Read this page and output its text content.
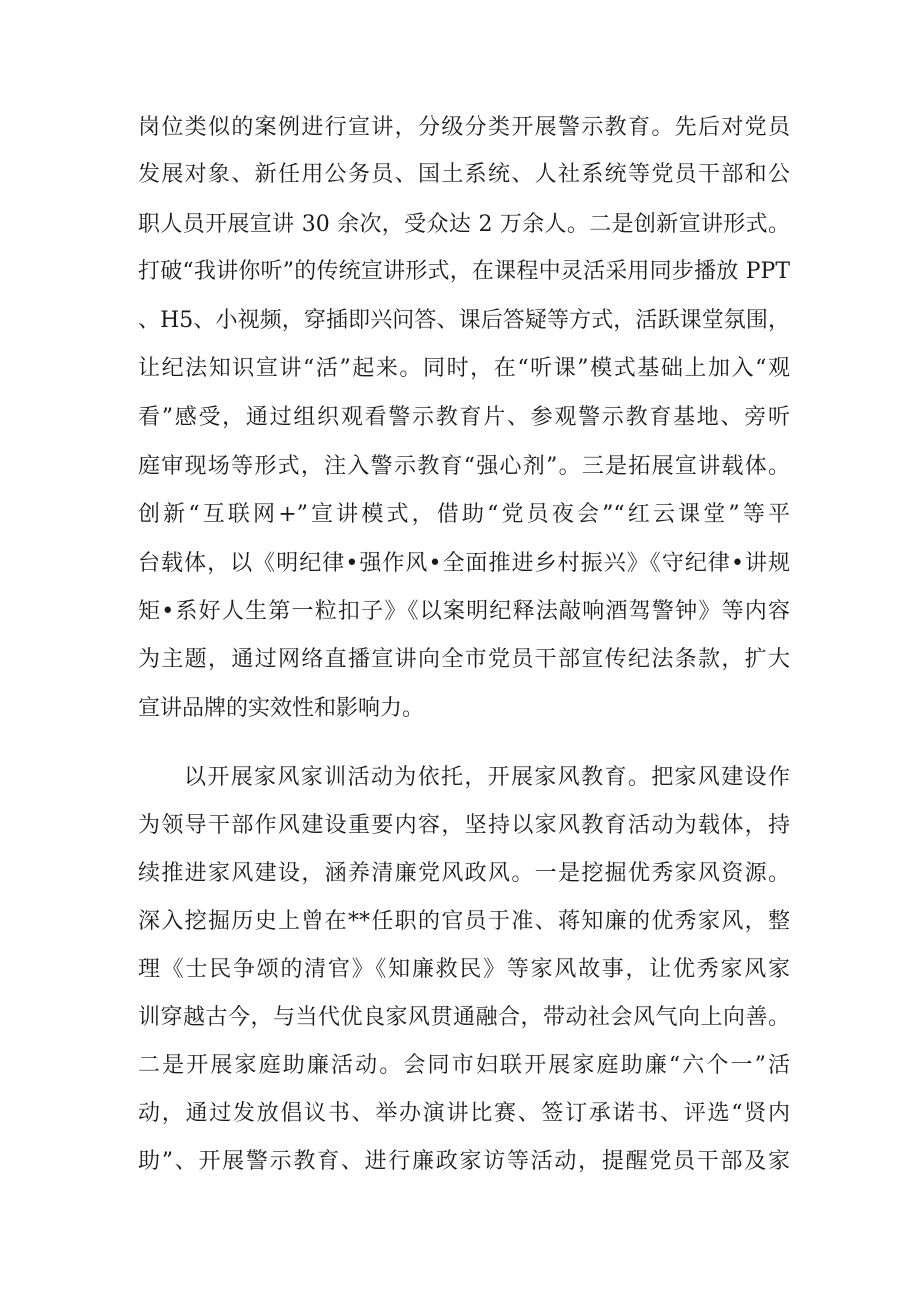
岗位类似的案例进行宣讲，分级分类开展警示教育。先后对党员
发展对象、新任用公务员、国土系统、人社系统等党员干部和公
职人员开展宣讲 30 余次，受众达 2 万余人。二是创新宣讲形式。
打破“我讲你听”的传统宣讲形式，在课程中灵活采用同步播放 PPT
、H5、小视频，穿插即兴问答、课后答疑等方式，活跃课堂氛围，
让纪法知识宣讲“活”起来。同时，在“听课”模式基础上加入“观
看”感受，通过组织观看警示教育片、参观警示教育基地、旁听
庭审现场等形式，注入警示教育“强心剂”。三是拓展宣讲载体。
创新“互联网+”宣讲模式，借助“党员夜会”“红云课堂”等平
台载体，以《明纪律•强作风•全面推进乡村振兴》《守纪律•讲规
矩•系好人生第一粒扣子》《以案明纪释法敲响酒驾警钟》等内容
为主题，通过网络直播宣讲向全市党员干部宣传纪法条款，扩大
宣讲品牌的实效性和影响力。
以开展家风家训活动为依托，开展家风教育。把家风建设作
为领导干部作风建设重要内容，坚持以家风教育活动为载体，持
续推进家风建设，涵养清廉党风政风。一是挖掘优秀家风资源。
深入挖掘历史上曾在**任职的官员于准、蒋知廉的优秀家风，整
理《士民争颂的清官》《知廉救民》等家风故事，让优秀家风家
训穿越古今，与当代优良家风贯通融合，带动社会风气向上向善。
二是开展家庭助廉活动。会同市妇联开展家庭助廉“六个一”活
动，通过发放倡议书、举办演讲比赛、签订承诺书、评选“贤内
助”、开展警示教育、进行廉政家访等活动，提醒党员干部及家
